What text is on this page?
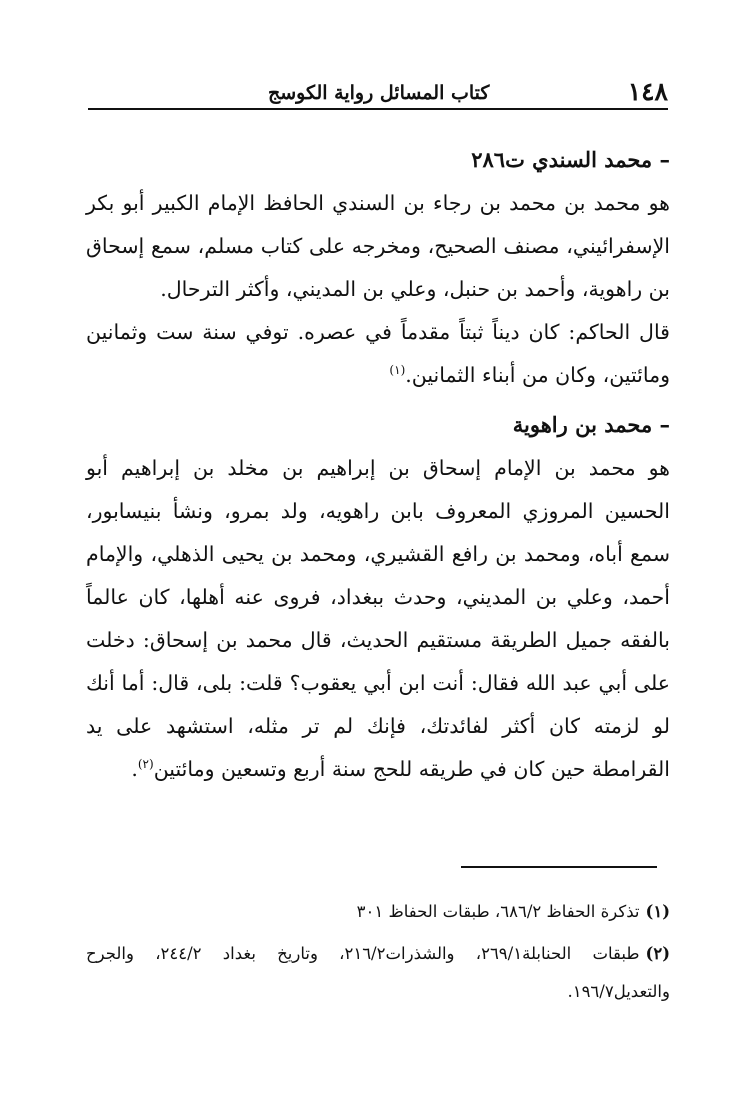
١٤٨
كتاب المسائل رواية الكوسج
– محمد السندي ت٢٨٦

هو محمد بن محمد بن رجاء بن السندي الحافظ الإمام الكبير أبو بكر الإسفرائيني، مصنف الصحيح، ومخرجه على كتاب مسلم، سمع إسحاق بن راهوية، وأحمد بن حنبل، وعلي بن المديني، وأكثر الترحال.

قال الحاكم: كان ديناً ثبتاً مقدماً في عصره. توفي سنة ست وثمانين ومائتين، وكان من أبناء الثمانين.$^{(١)}$

– محمد بن راهوية

هو محمد بن الإمام إسحاق بن إبراهيم بن مخلد بن إبراهيم أبو الحسين المروزي المعروف بابن راهويه، ولد بمرو، ونشأ بنيسابور، سمع أباه، ومحمد بن رافع القشيري، ومحمد بن يحيى الذهلي، والإمام أحمد، وعلي بن المديني، وحدث ببغداد، فروى عنه أهلها، كان عالماً بالفقه جميل الطريقة مستقيم الحديث، قال محمد بن إسحاق: دخلت على أبي عبد الله فقال: أنت ابن أبي يعقوب؟ قلت: بلى، قال: أما أنك لو لزمته كان أكثر لفائدتك، فإنك لم تر مثله، استشهد على يد القرامطة حين كان في طريقه للحج سنة أربع وتسعين ومائتين$^{(٢)}$.

(١)تذكرة الحفاظ ٦٨٦/٢، طبقات الحفاظ ٣٠١

(٢)طبقات الحنابلة٢٦٩/١، والشذرات٢١٦/٢، وتاريخ بغداد ٢٤٤/٢، والجرح والتعديل١٩٦/٧.
